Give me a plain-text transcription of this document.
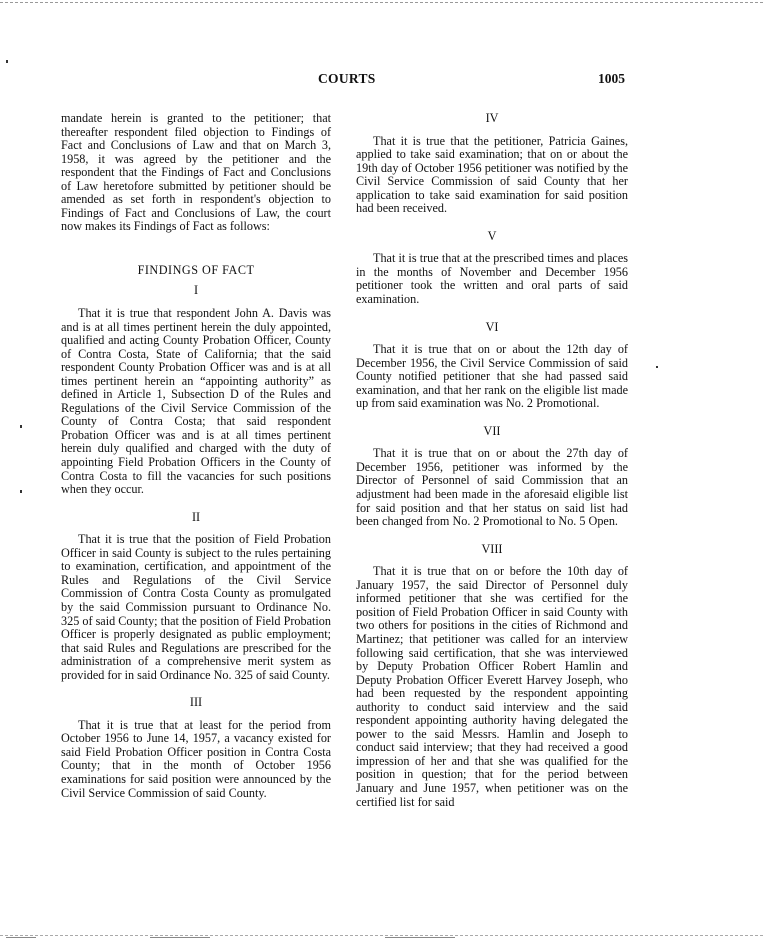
COURTS	1005

mandate herein is granted to the petitioner; that thereafter respondent filed objection to Findings of Fact and Conclusions of Law and that on March 3, 1958, it was agreed by the petitioner and the respondent that the Findings of Fact and Conclusions of Law heretofore submitted by petitioner should be amended as set forth in respondent's objection to Findings of Fact and Conclusions of Law, the court now makes its Findings of Fact as follows:

FINDINGS OF FACT
I

That it is true that respondent John A. Davis was and is at all times pertinent herein the duly appointed, qualified and acting County Probation Officer, County of Contra Costa, State of California; that the said respondent County Probation Officer was and is at all times pertinent herein an “appointing authority” as defined in Article 1, Subsection D of the Rules and Regulations of the Civil Service Commission of the County of Contra Costa; that said respondent Probation Officer was and is at all times pertinent herein duly qualified and charged with the duty of appointing Field Probation Officers in the County of Contra Costa to fill the vacancies for such positions when they occur.

II

That it is true that the position of Field Probation Officer in said County is subject to the rules pertaining to examination, certification, and appointment of the Rules and Regulations of the Civil Service Commission of Contra Costa County as promulgated by the said Commission pursuant to Ordinance No. 325 of said County; that the position of Field Probation Officer is properly designated as public employment; that said Rules and Regulations are prescribed for the administration of a comprehensive merit system as provided for in said Ordinance No. 325 of said County.

III

That it is true that at least for the period from October 1956 to June 14, 1957, a vacancy existed for said Field Probation Officer position in Contra Costa County; that in the month of October 1956 examinations for said position were announced by the Civil Service Commission of said County.

IV

That it is true that the petitioner, Patricia Gaines, applied to take said examination; that on or about the 19th day of October 1956 petitioner was notified by the Civil Service Commission of said County that her application to take said examination for said position had been received.

V

That it is true that at the prescribed times and places in the months of November and December 1956 petitioner took the written and oral parts of said examination.

VI

That it is true that on or about the 12th day of December 1956, the Civil Service Commission of said County notified petitioner that she had passed said examination, and that her rank on the eligible list made up from said examination was No. 2 Promotional.

VII

That it is true that on or about the 27th day of December 1956, petitioner was informed by the Director of Personnel of said Commission that an adjustment had been made in the aforesaid eligible list for said position and that her status on said list had been changed from No. 2 Promotional to No. 5 Open.

VIII

That it is true that on or before the 10th day of January 1957, the said Director of Personnel duly informed petitioner that she was certified for the position of Field Probation Officer in said County with two others for positions in the cities of Richmond and Martinez; that petitioner was called for an interview following said certification, that she was interviewed by Deputy Probation Officer Robert Hamlin and Deputy Probation Officer Everett Harvey Joseph, who had been requested by the respondent appointing authority to conduct said interview and the said respondent appointing authority having delegated the power to the said Messrs. Hamlin and Joseph to conduct said interview; that they had received a good impression of her and that she was qualified for the position in question; that for the period between January and June 1957, when petitioner was on the certified list for said
